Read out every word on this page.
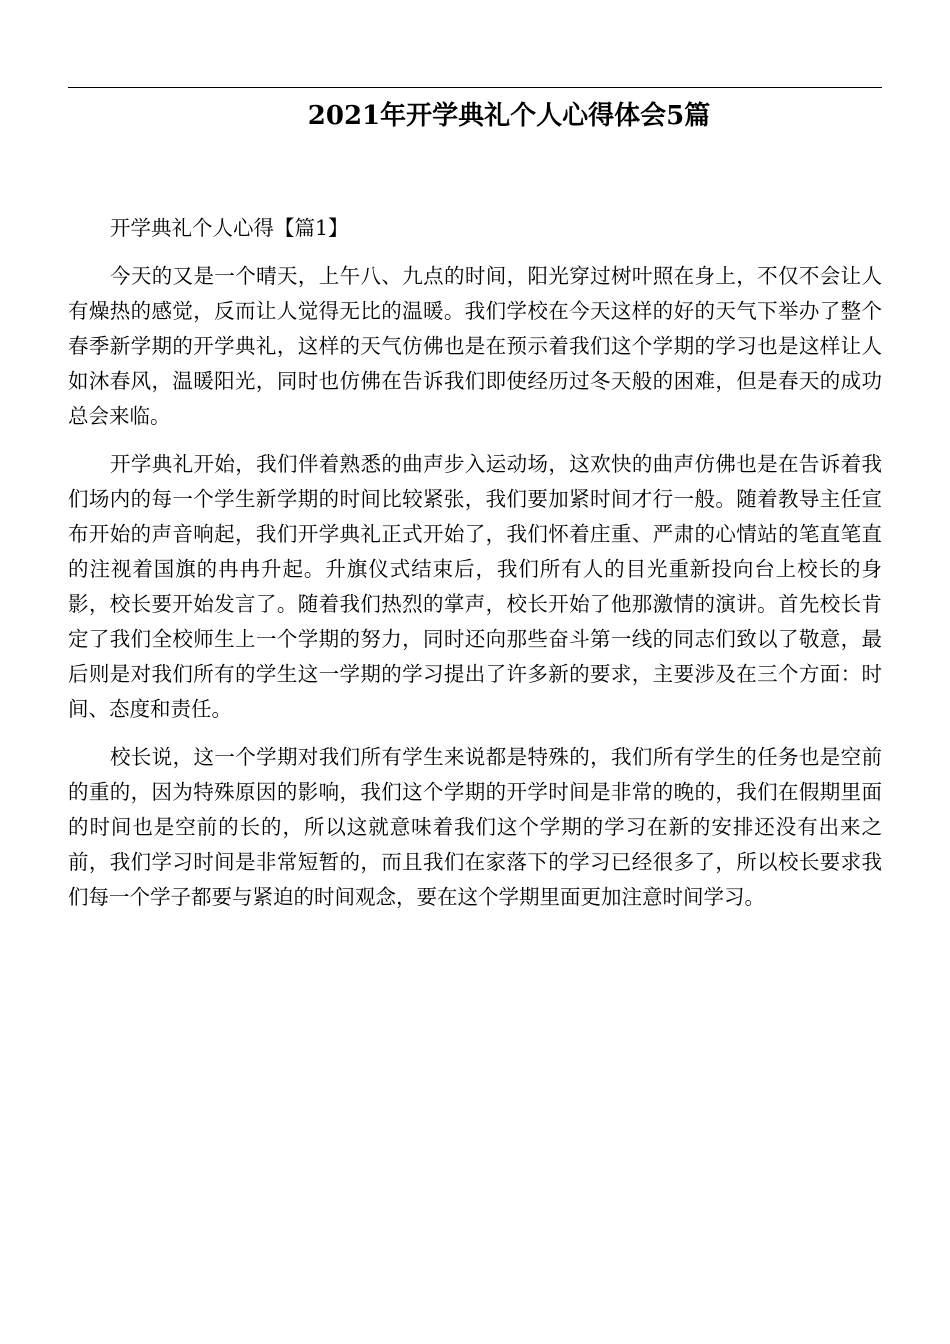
2021年开学典礼个人心得体会5篇

开学典礼个人心得【篇1】

今天的又是一个晴天，上午八、九点的时间，阳光穿过树叶照在身上，不仅不会让人有燥热的感觉，反而让人觉得无比的温暖。我们学校在今天这样的好的天气下举办了整个春季新学期的开学典礼，这样的天气仿佛也是在预示着我们这个学期的学习也是这样让人如沐春风，温暖阳光，同时也仿佛在告诉我们即使经历过冬天般的困难，但是春天的成功总会来临。

开学典礼开始，我们伴着熟悉的曲声步入运动场，这欢快的曲声仿佛也是在告诉着我们场内的每一个学生新学期的时间比较紧张，我们要加紧时间才行一般。随着教导主任宣布开始的声音响起，我们开学典礼正式开始了，我们怀着庄重、严肃的心情站的笔直笔直的注视着国旗的冉冉升起。升旗仪式结束后，我们所有人的目光重新投向台上校长的身影，校长要开始发言了。随着我们热烈的掌声，校长开始了他那激情的演讲。首先校长肯定了我们全校师生上一个学期的努力，同时还向那些奋斗第一线的同志们致以了敬意，最后则是对我们所有的学生这一学期的学习提出了许多新的要求，主要涉及在三个方面：时间、态度和责任。

校长说，这一个学期对我们所有学生来说都是特殊的，我们所有学生的任务也是空前的重的，因为特殊原因的影响，我们这个学期的开学时间是非常的晚的，我们在假期里面的时间也是空前的长的，所以这就意味着我们这个学期的学习在新的安排还没有出来之前，我们学习时间是非常短暂的，而且我们在家落下的学习已经很多了，所以校长要求我们每一个学子都要与紧迫的时间观念，要在这个学期里面更加注意时间学习。
